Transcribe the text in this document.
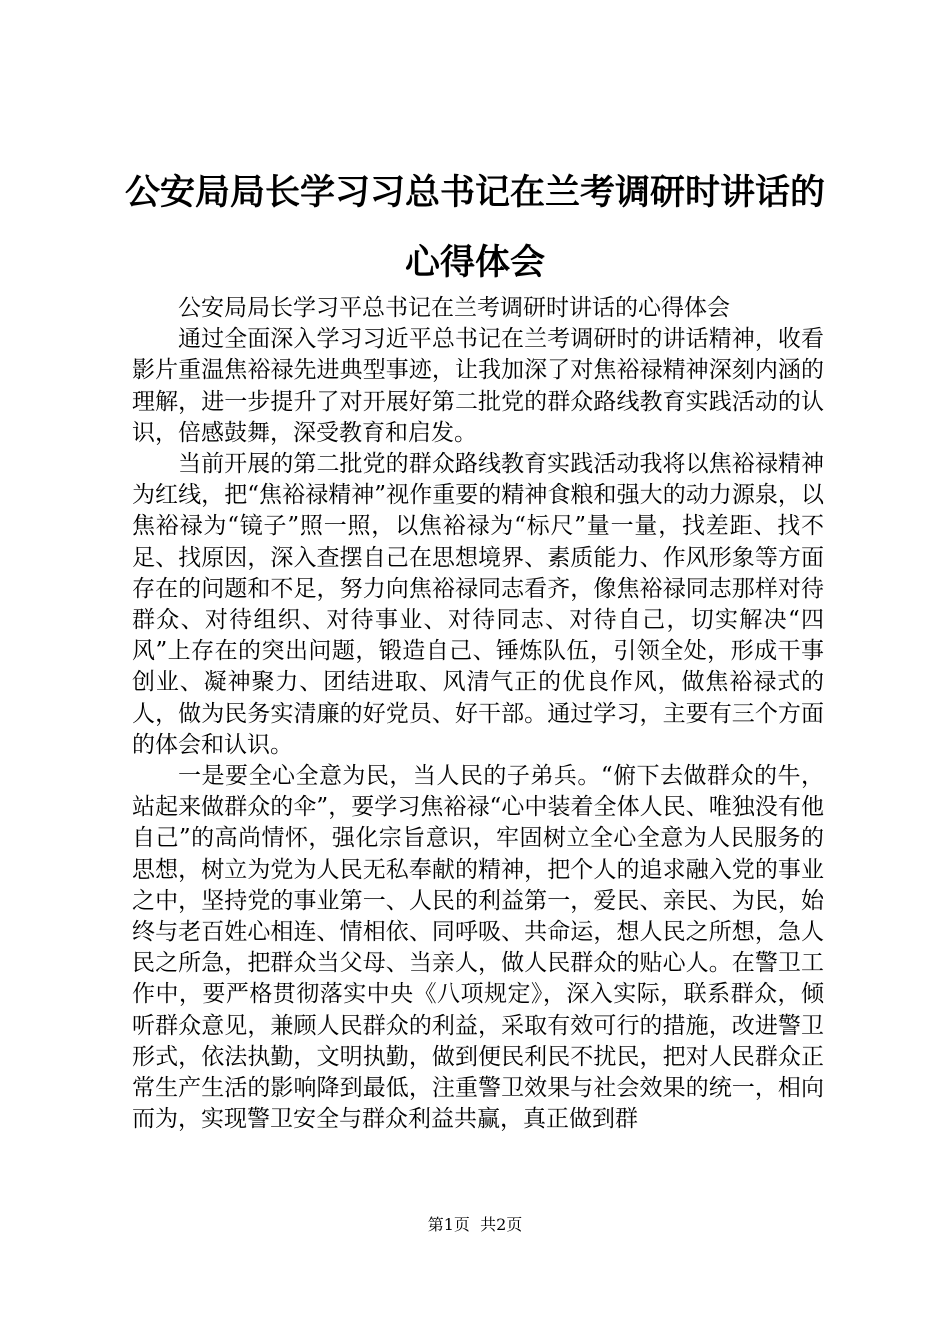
公安局局长学习习总书记在兰考调研时讲话的
心得体会

公安局局长学习平总书记在兰考调研时讲话的心得体会

通过全面深入学习习近平总书记在兰考调研时的讲话精神，收看影片重温焦裕禄先进典型事迹，让我加深了对焦裕禄精神深刻内涵的理解，进一步提升了对开展好第二批党的群众路线教育实践活动的认识，倍感鼓舞，深受教育和启发。

当前开展的第二批党的群众路线教育实践活动我将以焦裕禄精神为红线，把“焦裕禄精神”视作重要的精神食粮和强大的动力源泉，以焦裕禄为“镜子”照一照，以焦裕禄为“标尺”量一量，找差距、找不足、找原因，深入查摆自己在思想境界、素质能力、作风形象等方面存在的问题和不足，努力向焦裕禄同志看齐，像焦裕禄同志那样对待群众、对待组织、对待事业、对待同志、对待自己，切实解决“四风”上存在的突出问题，锻造自己、锤炼队伍，引领全处，形成干事创业、凝神聚力、团结进取、风清气正的优良作风，做焦裕禄式的人，做为民务实清廉的好党员、好干部。通过学习，主要有三个方面的体会和认识。

一是要全心全意为民，当人民的子弟兵。“俯下去做群众的牛，站起来做群众的伞”，要学习焦裕禄“心中装着全体人民、唯独没有他自己”的高尚情怀，强化宗旨意识，牢固树立全心全意为人民服务的思想，树立为党为人民无私奉献的精神，把个人的追求融入党的事业之中，坚持党的事业第一、人民的利益第一，爱民、亲民、为民，始终与老百姓心相连、情相依、同呼吸、共命运，想人民之所想，急人民之所急，把群众当父母、当亲人，做人民群众的贴心人。在警卫工作中，要严格贯彻落实中央《八项规定》，深入实际，联系群众，倾听群众意见，兼顾人民群众的利益，采取有效可行的措施，改进警卫形式，依法执勤，文明执勤，做到便民利民不扰民，把对人民群众正常生产生活的影响降到最低，注重警卫效果与社会效果的统一，相向而为，实现警卫安全与群众利益共赢，真正做到群

第1页  共2页
